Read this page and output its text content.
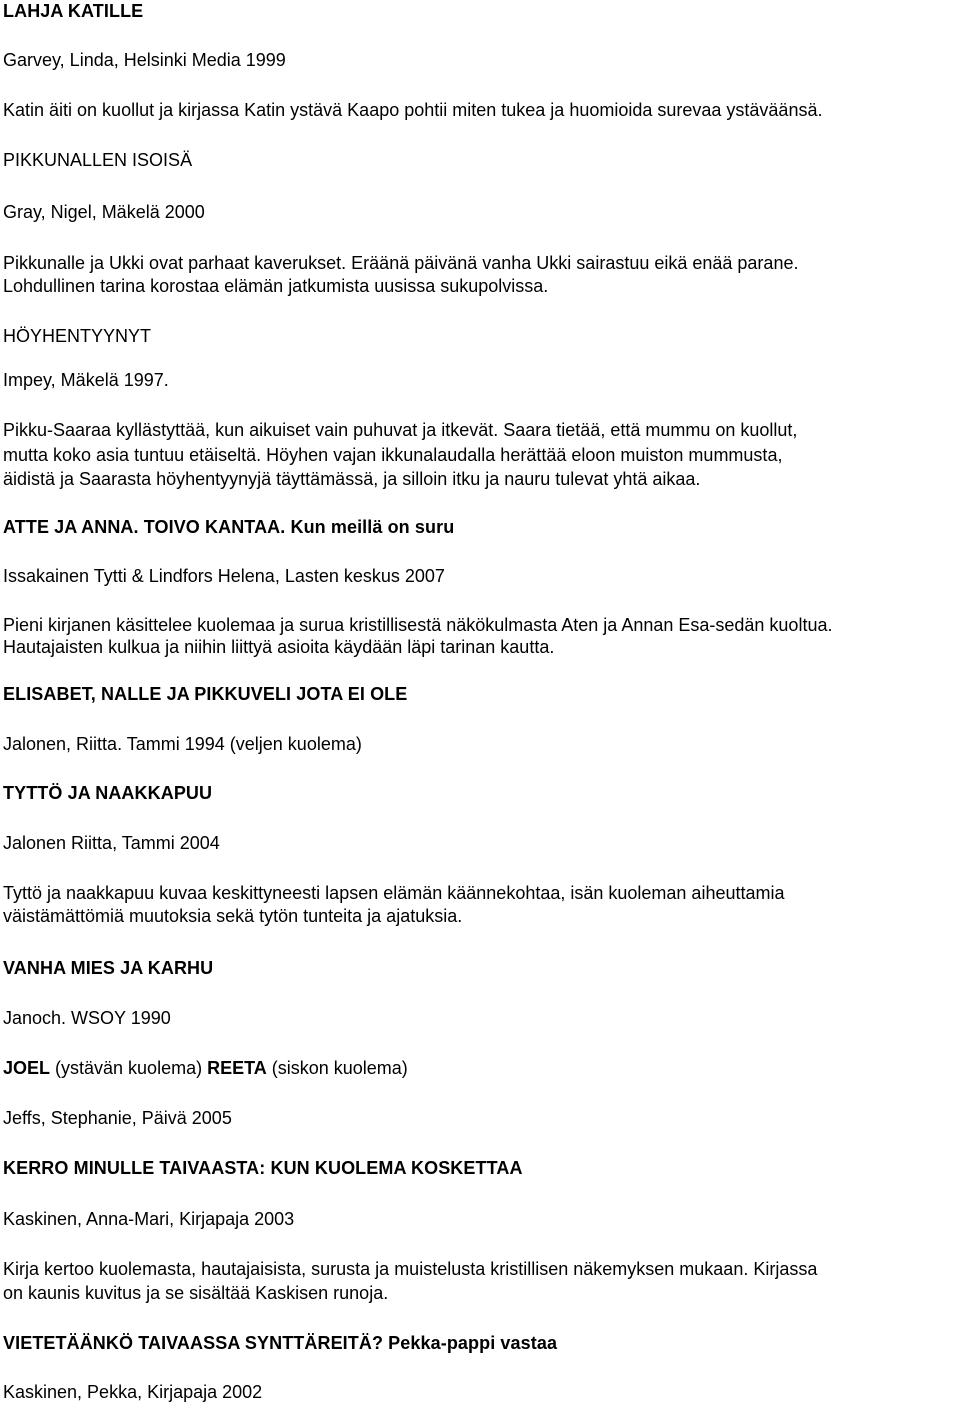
LAHJA KATILLE
Garvey, Linda, Helsinki Media 1999
Katin äiti on kuollut ja kirjassa Katin ystävä Kaapo pohtii miten tukea ja huomioida surevaa ystäväänsä.
PIKKUNALLEN ISOISÄ
Gray, Nigel, Mäkelä 2000
Pikkunalle ja Ukki ovat parhaat kaverukset. Eräänä päivänä vanha Ukki sairastuu eikä enää parane.
Lohdullinen tarina korostaa elämän jatkumista uusissa sukupolvissa.
HÖYHENTYYNYT
Impey, Mäkelä 1997.
Pikku-Saaraa kyllästyttää, kun aikuiset vain puhuvat ja itkevät. Saara tietää, että mummu on kuollut,
mutta koko asia tuntuu etäiseltä. Höyhen vajan ikkunalaudalla herättää eloon muiston mummusta,
äidistä ja Saarasta höyhentyynyjä täyttämässä, ja silloin itku ja nauru tulevat yhtä aikaa.
ATTE JA ANNA. TOIVO KANTAA. Kun meillä on suru
Issakainen Tytti & Lindfors Helena, Lasten keskus 2007
Pieni kirjanen käsittelee kuolemaa ja surua kristillisestä näkökulmasta Aten ja Annan Esa-sedän kuoltua.
Hautajaisten kulkua ja niihin liittyä asioita käydään läpi tarinan kautta.
ELISABET, NALLE JA PIKKUVELI JOTA EI OLE
Jalonen, Riitta. Tammi 1994 (veljen kuolema)
TYTTÖ JA NAAKKAPUU
Jalonen Riitta, Tammi 2004
Tyttö ja naakkapuu kuvaa keskittyneesti lapsen elämän käännekohtaa, isän kuoleman aiheuttamia
väistämättömiä muutoksia sekä tytön tunteita ja ajatuksia.
VANHA MIES JA KARHU
Janoch. WSOY 1990
JOEL (ystävän kuolema) REETA (siskon kuolema)
Jeffs, Stephanie, Päivä 2005
KERRO MINULLE TAIVAASTA: KUN KUOLEMA KOSKETTAA
Kaskinen, Anna-Mari, Kirjapaja 2003
Kirja kertoo kuolemasta, hautajaisista, surusta ja muistelusta kristillisen näkemyksen mukaan. Kirjassa
on kaunis kuvitus ja se sisältää Kaskisen runoja.
VIETETÄÄNKÖ TAIVAASSA SYNTTÄREITÄ? Pekka-pappi vastaa
Kaskinen, Pekka, Kirjapaja 2002
